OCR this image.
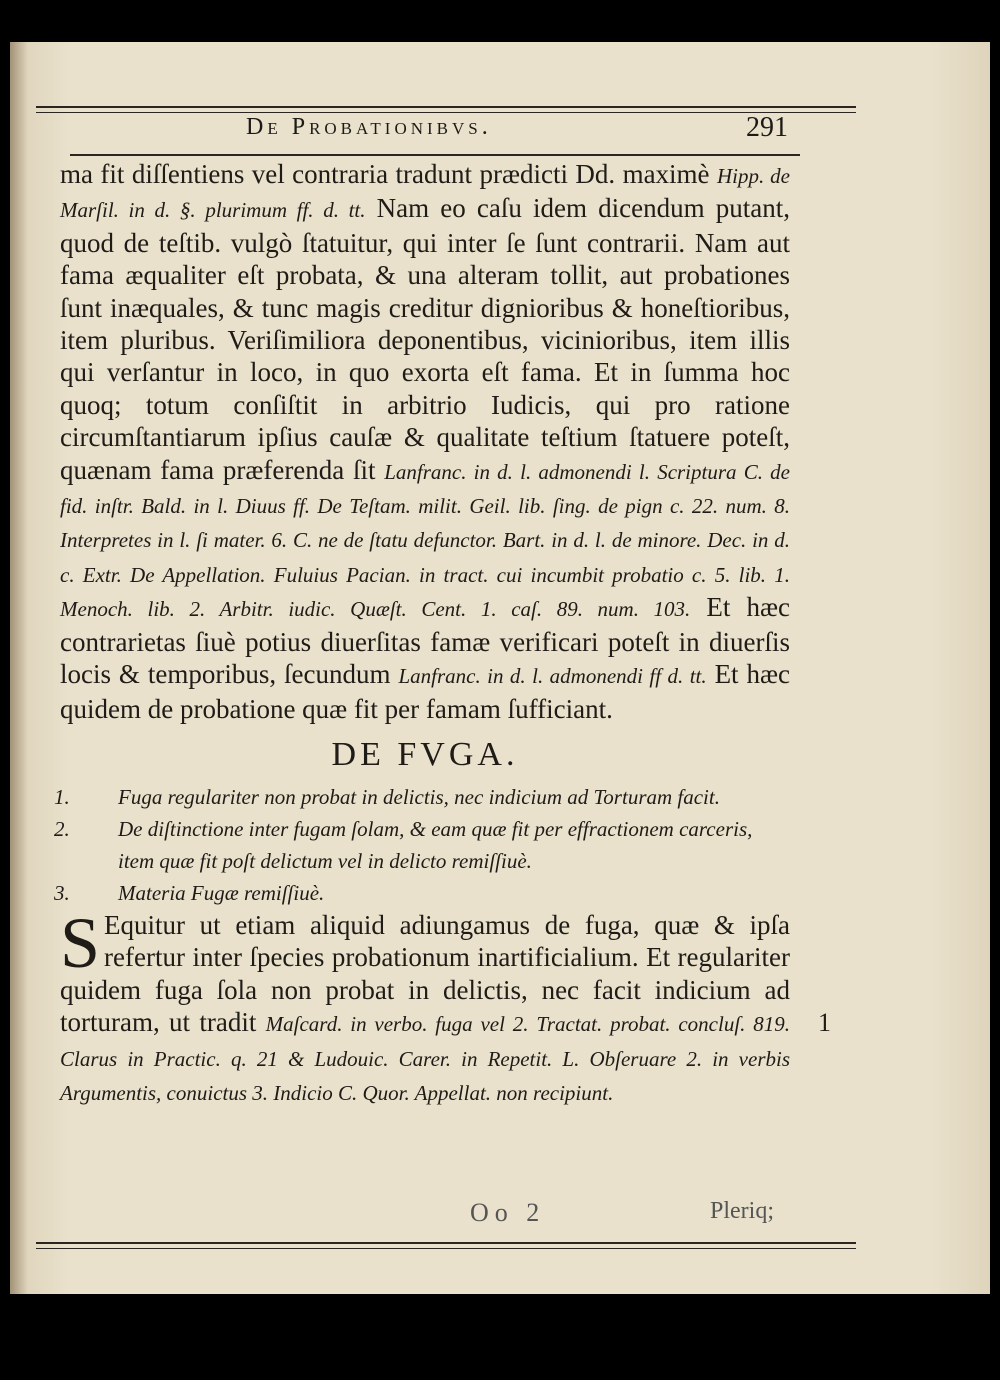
De Probationibvs.	291

ma fit diſſentiens vel contraria tradunt prædicti Dd. maximè Hipp. de Marſil. in d. §. plurimum ff. d. tt. Nam eo caſu idem dicendum putant, quod de teſtib. vulgò ſtatuitur, qui inter ſe ſunt contrarii. Nam aut fama æqualiter eſt probata, & una alteram tollit, aut probationes ſunt inæquales, & tunc magis creditur dignioribus & honeſtioribus, item pluribus. Veriſimiliora deponentibus, vicinioribus, item illis qui verſantur in loco, in quo exorta eſt fama. Et in ſumma hoc quoq; totum conſiſtit in arbitrio Iudicis, qui pro ratione circumſtantiarum ipſius cauſæ & qualitate teſtium ſtatuere poteſt, quænam fama præferenda ſit Lanfranc. in d. l. admonendi l. Scriptura C. de fid. inſtr. Bald. in l. Diuus ff. De Teſtam. milit. Geil. lib. ſing. de pign c. 22. num. 8. Interpretes in l. ſi mater. 6. C. ne de ſtatu defunctor. Bart. in d. l. de minore. Dec. in d. c. Extr. De Appellation. Fuluius Pacian. in tract. cui incumbit probatio c. 5. lib. 1. Menoch. lib. 2. Arbitr. iudic. Quæſt. Cent. 1. caſ. 89. num. 103. Et hæc contrarietas ſiuè potius diuerſitas famæ verificari poteſt in diuerſis locis & temporibus, ſecundum Lanfranc. in d. l. admonendi ff d. tt. Et hæc quidem de probatione quæ fit per famam ſufficiant.

DE FVGA.
1. Fuga regulariter non probat in delictis, nec indicium ad Torturam facit.
2. De diſtinctione inter fugam ſolam, & eam quæ fit per effractionem carceris, item quæ fit poſt delictum vel in delicto remiſſiuè.
3. Materia Fugæ remiſſiuè.

S Equitur ut etiam aliquid adiungamus de fuga, quæ & ipſa refertur inter ſpecies probationum inartificialium. Et regulariter quidem fuga ſola non probat in delictis, nec facit indicium ad torturam, ut tradit Maſcard. in verbo. fuga vel 2. Tractat. probat. concluſ. 819. Clarus in Practic. q. 21 & Ludouic. Carer. in Repetit. L. Obſeruare 2. in verbis Argumentis, conuictus 3. Indicio C. Quor. Appellat. non recipiunt.

1
Oo 2	Pleriq;
